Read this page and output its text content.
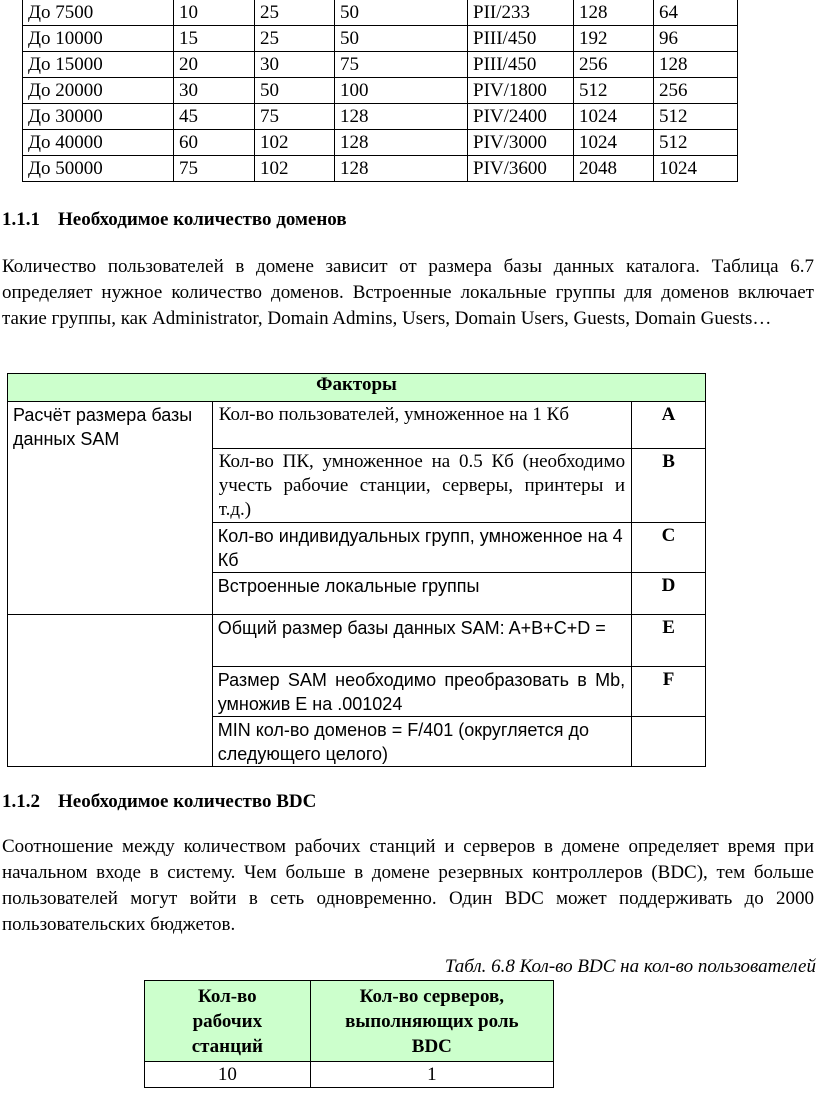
До 7500	10	25	50	PII/233	128	64
До 10000	15	25	50	PIII/450	192	96
До 15000	20	30	75	PIII/450	256	128
До 20000	30	50	100	PIV/1800	512	256
До 30000	45	75	128	PIV/2400	1024	512
До 40000	60	102	128	PIV/3000	1024	512
До 50000	75	102	128	PIV/3600	2048	1024
1.1.1 Необходимое количество доменов

Количество пользователей в домене зависит от размера базы данных каталога. Таблица 6.7 определяет нужное количество доменов. Встроенные локальные группы для доменов включает такие группы, как Administrator, Domain Admins, Users, Domain Users, Guests, Domain Guests…

Факторы		
Расчёт размера базы данных SAM	Кол-во пользователей, умноженное на 1 Кб	A
	Кол-во ПК, умноженное на 0.5 Кб (необходимо учесть рабочие станции, серверы, принтеры и т.д.)	B
	Кол-во индивидуальных групп, умноженное на 4 Кб	C
	Встроенные локальные группы	D
	Общий размер базы данных SAM: A+B+C+D =	E
	Размер SAM необходимо преобразовать в Mb, умножив E на .001024	F
	MIN кол-во доменов = F/401 (округляется до следующего целого)	
1.1.2 Необходимое количество BDC

Соотношение между количеством рабочих станций и серверов в домене определяет время при начальном входе в систему. Чем больше в домене резервных контроллеров (BDC), тем больше пользователей могут войти в сеть одновременно. Один BDC может поддерживать до 2000 пользовательских бюджетов.

Табл. 6.8 Кол-во BDC на кол-во пользователей
Кол-во рабочих станций	Кол-во серверов, выполняющих роль BDC
10	1
